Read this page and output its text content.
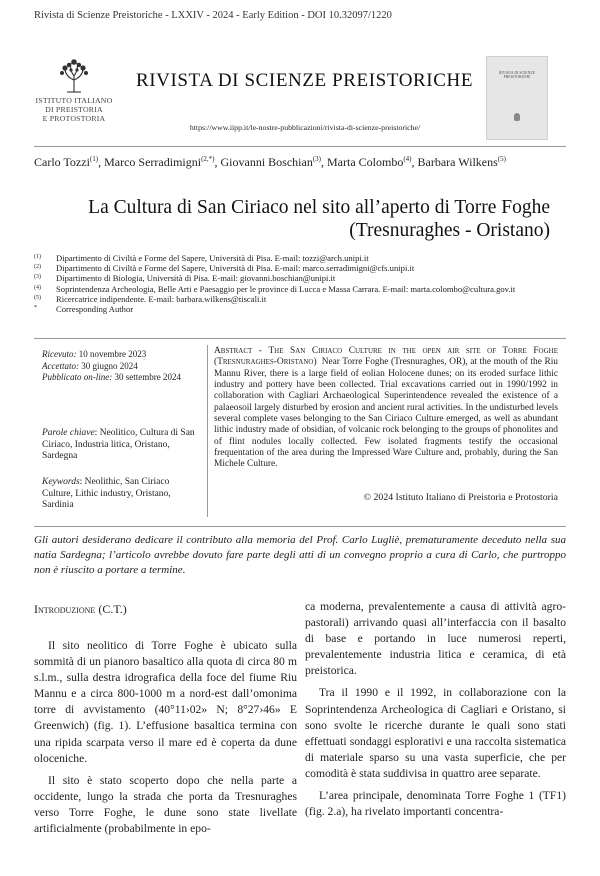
Rivista di Scienze Preistoriche - LXXIV - 2024 - Early Edition - DOI 10.32097/1220
ISTITUTO ITALIANO
DI PREISTORIA
E PROTOSTORIA
RIVISTA DI SCIENZE PREISTORICHE
https://www.iipp.it/le-nostre-pubblicazioni/rivista-di-scienze-preistoriche/
RIVISTA DI SCIENZE PREISTORICHE
Carlo Tozzi$^{(1)}$, Marco Serradimigni$^{(2,*)}$, Giovanni Boschian$^{(3)}$, Marta Colombo$^{(4)}$, Barbara Wilkens$^{(5)}$
La Cultura di San Ciriaco nel sito all’aperto di Torre Foghe
(Tresnuraghes - Oristano)
(1) Dipartimento di Civiltà e Forme del Sapere, Università di Pisa. E-mail: tozzi@arch.unipi.it
(2) Dipartimento di Civiltà e Forme del Sapere, Università di Pisa. E-mail: marco.serradimigni@cfs.unipi.it
(3) Dipartimento di Biologia, Università di Pisa. E-mail: giovanni.boschian@unipi.it
(4) Soprintendenza Archeologia, Belle Arti e Paesaggio per le province di Lucca e Massa Carrara. E-mail: marta.colombo@cultura.gov.it
(5) Ricercatrice indipendente. E-mail: barbara.wilkens@tiscali.it
* Corresponding Author
Ricevuto: 10 novembre 2023
Accettato: 30 giugno 2024
Pubblicato on-line: 30 settembre 2024
Parole chiave: Neolitico, Cultura di San Ciriaco, Industria litica, Oristano, Sardegna
Keywords: Neolithic, San Ciriaco Culture, Lithic industry, Oristano, Sardinia
Abstract - The San Ciriaco Culture in the open air site of Torre Foghe (Tresnuraghes-Oristano) Near Torre Foghe (Tresnuraghes, OR), at the mouth of the Riu Mannu River, there is a large field of eolian Holocene dunes; on its eroded surface lithic industry and pottery have been collected. Trial excavations carried out in 1990/1992 in collaboration with Cagliari Archaeological Superintendence revealed the existence of a palaeosoil largely disturbed by erosion and ancient rural activities. In the undisturbed levels several complete vases belonging to the San Ciriaco Culture emerged, as well as abundant lithic industry made of obsidian, of volcanic rock belonging to the groups of phonolites and of flint nodules locally collected. Few isolated fragments testify the occasional frequentation of the area during the Impressed Ware Culture and, probably, during the San Michele Culture.
© 2024 Istituto Italiano di Preistoria e Protostoria
Gli autori desiderano dedicare il contributo alla memoria del Prof. Carlo Lugliè, prematuramente deceduto nella sua natia Sardegna; l’articolo avrebbe dovuto fare parte degli atti di un convegno proprio a cura di Carlo, che purtroppo non è riuscito a portare a termine.
Introduzione (C.T.)

Il sito neolitico di Torre Foghe è ubicato sulla sommità di un pianoro basaltico alla quota di circa 80 m s.l.m., sulla destra idrografica della foce del fiume Riu Mannu e a circa 800-1000 m a nord-est dall’omonima torre di avvistamento (40°11›02» N; 8°27›46» E Greenwich) (fig. 1). L’effusione basaltica termina con una ripida scarpata verso il mare ed è coperta da dune oloceniche.

Il sito è stato scoperto dopo che nella parte a occidente, lungo la strada che porta da Tresnuraghes verso Torre Foghe, le dune sono state livellate artificialmente (probabilmente in epo-

ca moderna, prevalentemente a causa di attività agro-pastorali) arrivando quasi all’interfaccia con il basalto di base e portando in luce numerosi reperti, prevalentemente industria litica e ceramica, di età preistorica.

Tra il 1990 e il 1992, in collaborazione con la Soprintendenza Archeologica di Cagliari e Oristano, si sono svolte le ricerche durante le quali sono stati effettuati sondaggi esplorativi e una raccolta sistematica di materiale sparso su una vasta superficie, che per comodità è stata suddivisa in quattro aree separate.

L’area principale, denominata Torre Foghe 1 (TF1) (fig. 2.a), ha rivelato importanti concentra-
